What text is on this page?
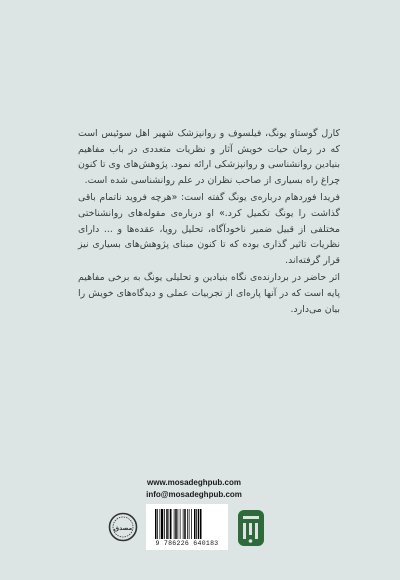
کارل گوستاو یونگ، فیلسوف و روانپزشک شهیر اهل سوئیس است که در زمان حیات خویش آثار و نظریات متعددی در باب مفاهیم بنیادین روانشناسی و روانپزشکی ارائه نمود. پژوهش‌های وی تا کنون چراغ راه بسیاری از صاحب نظران در علم روانشناسی شده است.

فریدا فوردهام درباره‌ی یونگ گفته است: «هرچه فروید ناتمام باقی گذاشت را یونگ تکمیل کرد.» او درباره‌ی مقوله‌های روانشناختی مختلفی از قبیل ضمیر ناخودآگاه، تحلیل رویا، عقده‌ها و ... دارای نظریات تاثیر گذاری بوده که تا کنون مبنای پژوهش‌های بسیاری نیز قرار گرفته‌اند.

اثر حاضر در بردارنده‌ی نگاه بنیادین و تحلیلی یونگ به برخی مفاهیم پایه است که در آنها پاره‌ای از تجربیات عملی و دیدگاه‌های خویش را بیان می‌دارد.

www.mosadeghpub.com
info@mosadeghpub.com
مصدق
9 786226 640183
